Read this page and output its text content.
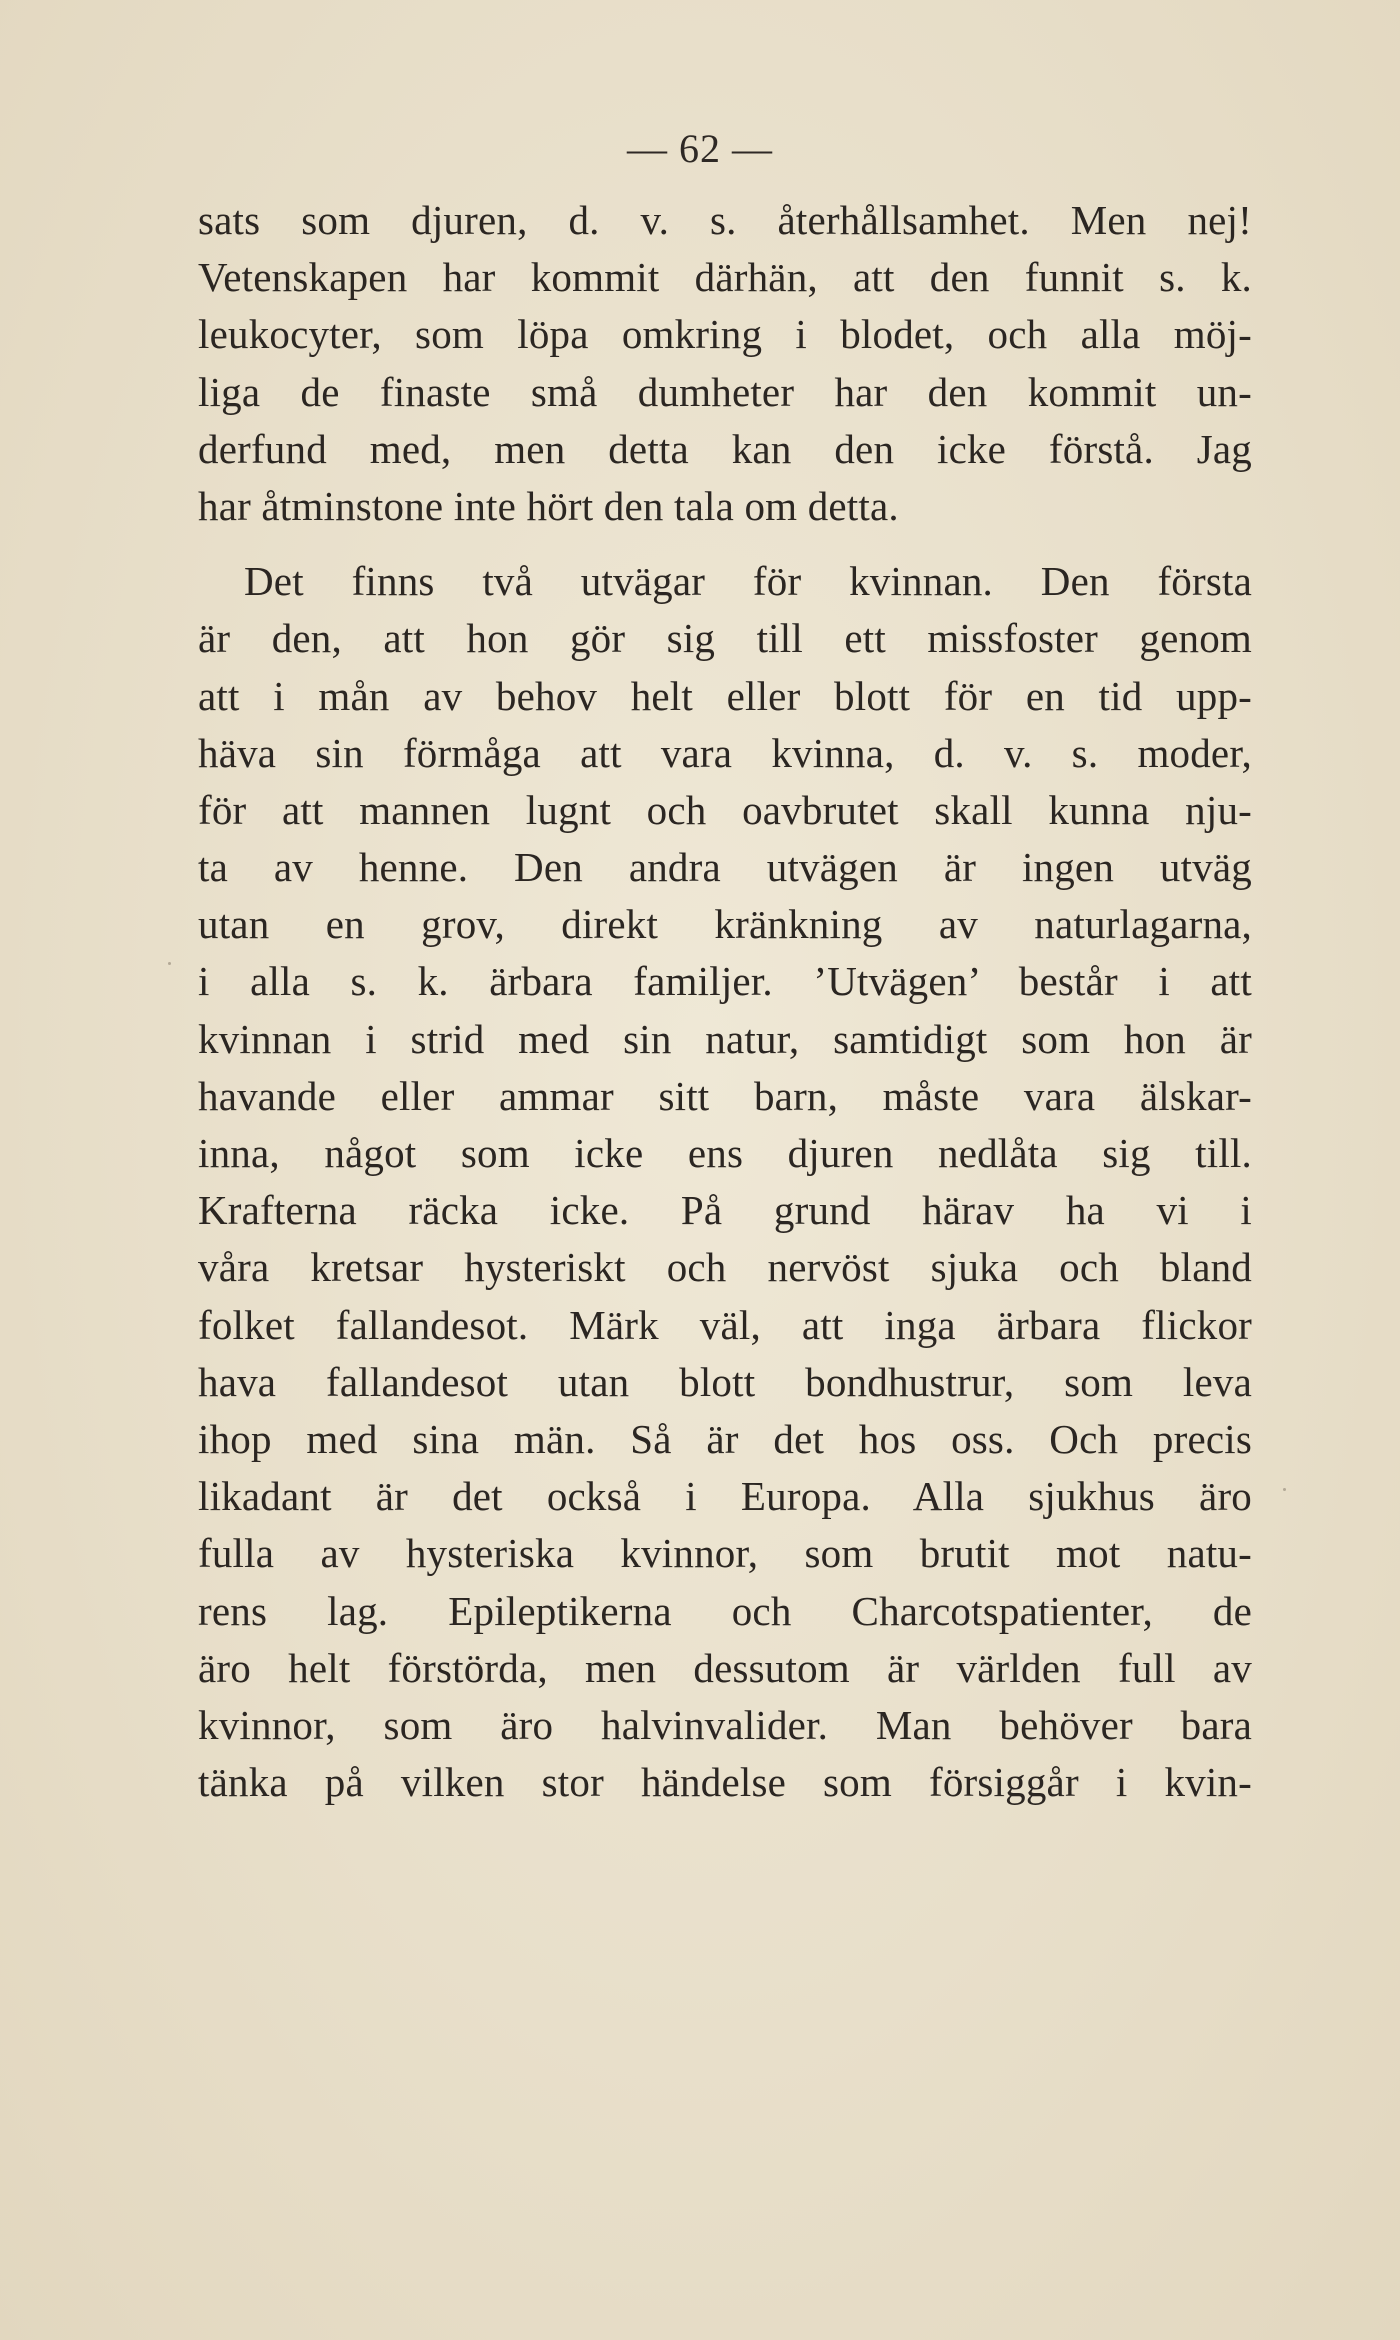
— 62 —
sats som djuren, d. v. s. återhållsamhet. Men nej!
Vetenskapen har kommit därhän, att den funnit s. k.
leukocyter, som löpa omkring i blodet, och alla möj-
liga de finaste små dumheter har den kommit un-
derfund med, men detta kan den icke förstå. Jag
har åtminstone inte hört den tala om detta.
Det finns två utvägar för kvinnan. Den första
är den, att hon gör sig till ett missfoster genom
att i mån av behov helt eller blott för en tid upp-
häva sin förmåga att vara kvinna, d. v. s. moder,
för att mannen lugnt och oavbrutet skall kunna nju-
ta av henne. Den andra utvägen är ingen utväg
utan en grov, direkt kränkning av naturlagarna,
i alla s. k. ärbara familjer. ’Utvägen’ består i att
kvinnan i strid med sin natur, samtidigt som hon är
havande eller ammar sitt barn, måste vara älskar-
inna, något som icke ens djuren nedlåta sig till.
Krafterna räcka icke. På grund härav ha vi i
våra kretsar hysteriskt och nervöst sjuka och bland
folket fallandesot. Märk väl, att inga ärbara flickor
hava fallandesot utan blott bondhustrur, som leva
ihop med sina män. Så är det hos oss. Och precis
likadant är det också i Europa. Alla sjukhus äro
fulla av hysteriska kvinnor, som brutit mot natu-
rens lag. Epileptikerna och Charcotspatienter, de
äro helt förstörda, men dessutom är världen full av
kvinnor, som äro halvinvalider. Man behöver bara
tänka på vilken stor händelse som försiggår i kvin-
